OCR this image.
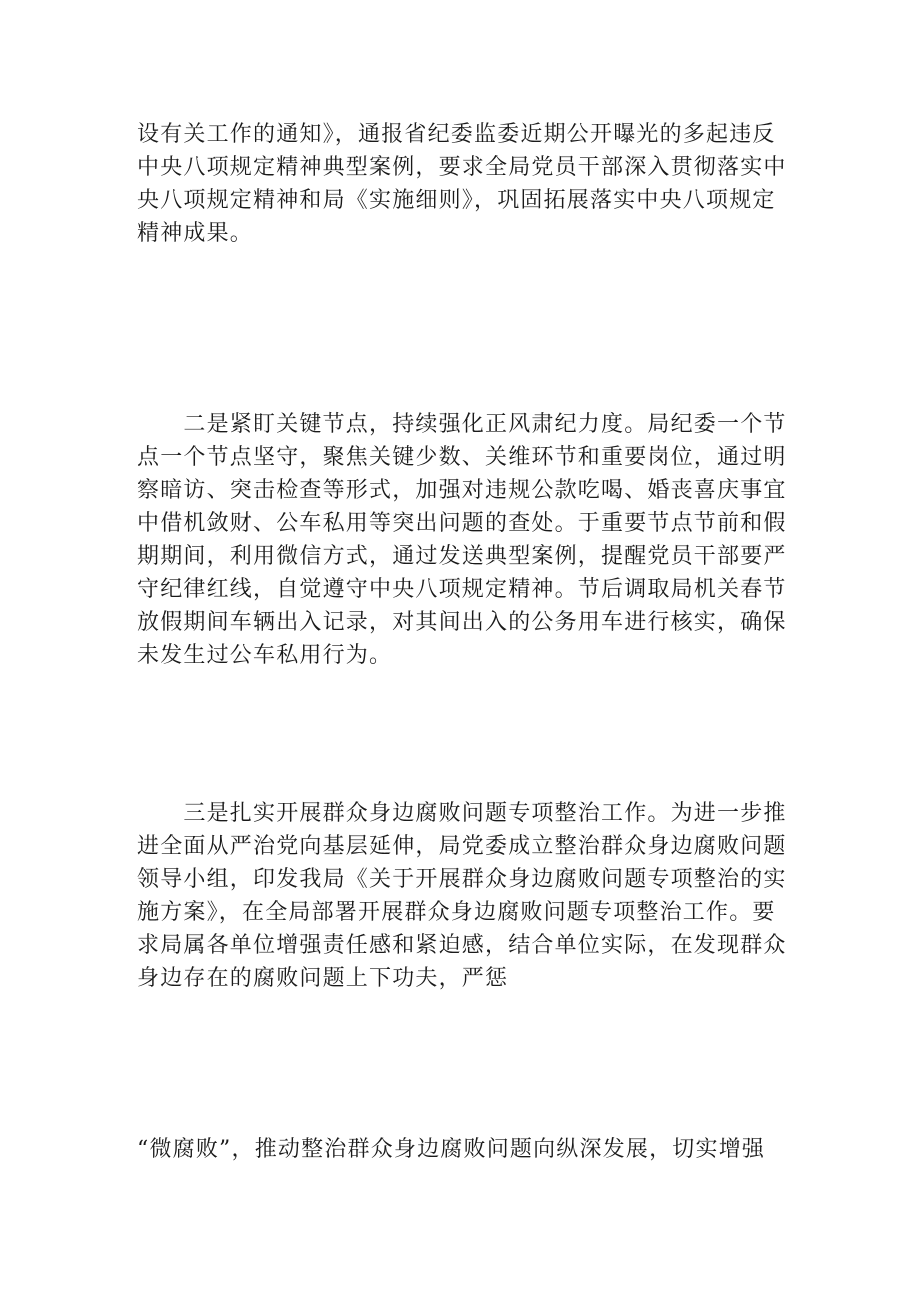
设有关工作的通知》，通报省纪委监委近期公开曝光的多起违反
中央八项规定精神典型案例，要求全局党员干部深入贯彻落实中
央八项规定精神和局《实施细则》，巩固拓展落实中央八项规定
精神成果。
　　二是紧盯关键节点，持续强化正风肃纪力度。局纪委一个节
点一个节点坚守，聚焦关键少数、关维环节和重要岗位，通过明
察暗访、突击检查等形式，加强对违规公款吃喝、婚丧喜庆事宜
中借机敛财、公车私用等突出问题的查处。于重要节点节前和假
期期间，利用微信方式，通过发送典型案例，提醒党员干部要严
守纪律红线，自觉遵守中央八项规定精神。节后调取局机关春节
放假期间车辆出入记录，对其间出入的公务用车进行核实，确保
未发生过公车私用行为。
　　三是扎实开展群众身边腐败问题专项整治工作。为进一步推
进全面从严治党向基层延伸，局党委成立整治群众身边腐败问题
领导小组，印发我局《关于开展群众身边腐败问题专项整治的实
施方案》，在全局部署开展群众身边腐败问题专项整治工作。要
求局属各单位增强责任感和紧迫感，结合单位实际，在发现群众
身边存在的腐败问题上下功夫，严惩
“微腐败”，推动整治群众身边腐败问题向纵深发展，切实增强
